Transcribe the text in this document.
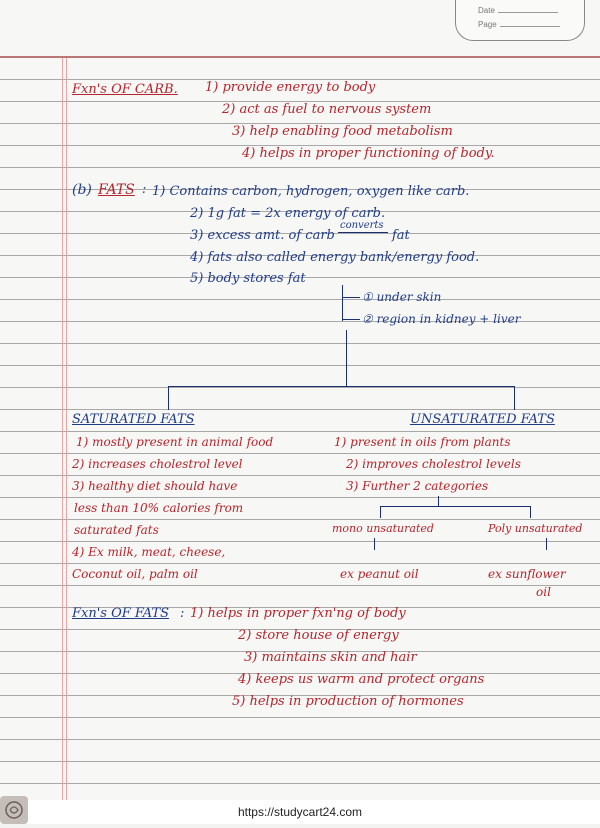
Date
Page
Fxn's OF CARB. 1) provide energy to body
2) act as fuel to nervous system
3) help enabling food metabolism
4) helps in proper functioning of body.
(b) FATS : 1) Contains carbon, hydrogen, oxygen like carb.
2) 1g fat = 2x energy of carb.
3) excess amt. of carb
converts
fat
4) fats also called energy bank/energy food.
5) body stores fat
① under skin
② region in kidney + liver
SATURATED FATS
1) mostly present in animal food
2) increases cholestrol level
3) healthy diet should have
less than 10% calories from
saturated fats
4) Ex milk, meat, cheese,
Coconut oil, palm oil
UNSATURATED FATS
1) present in oils from plants
2) improves cholestrol levels
3) Further 2 categories
mono unsaturated	Poly unsaturated
ex peanut oil	ex sunflower
oil
Fxn's OF FATS : 1) helps in proper fxn'ng of body
2) store house of energy
3) maintains skin and hair
4) keeps us warm and protect organs
5) helps in production of hormones
https://studycart24.com
